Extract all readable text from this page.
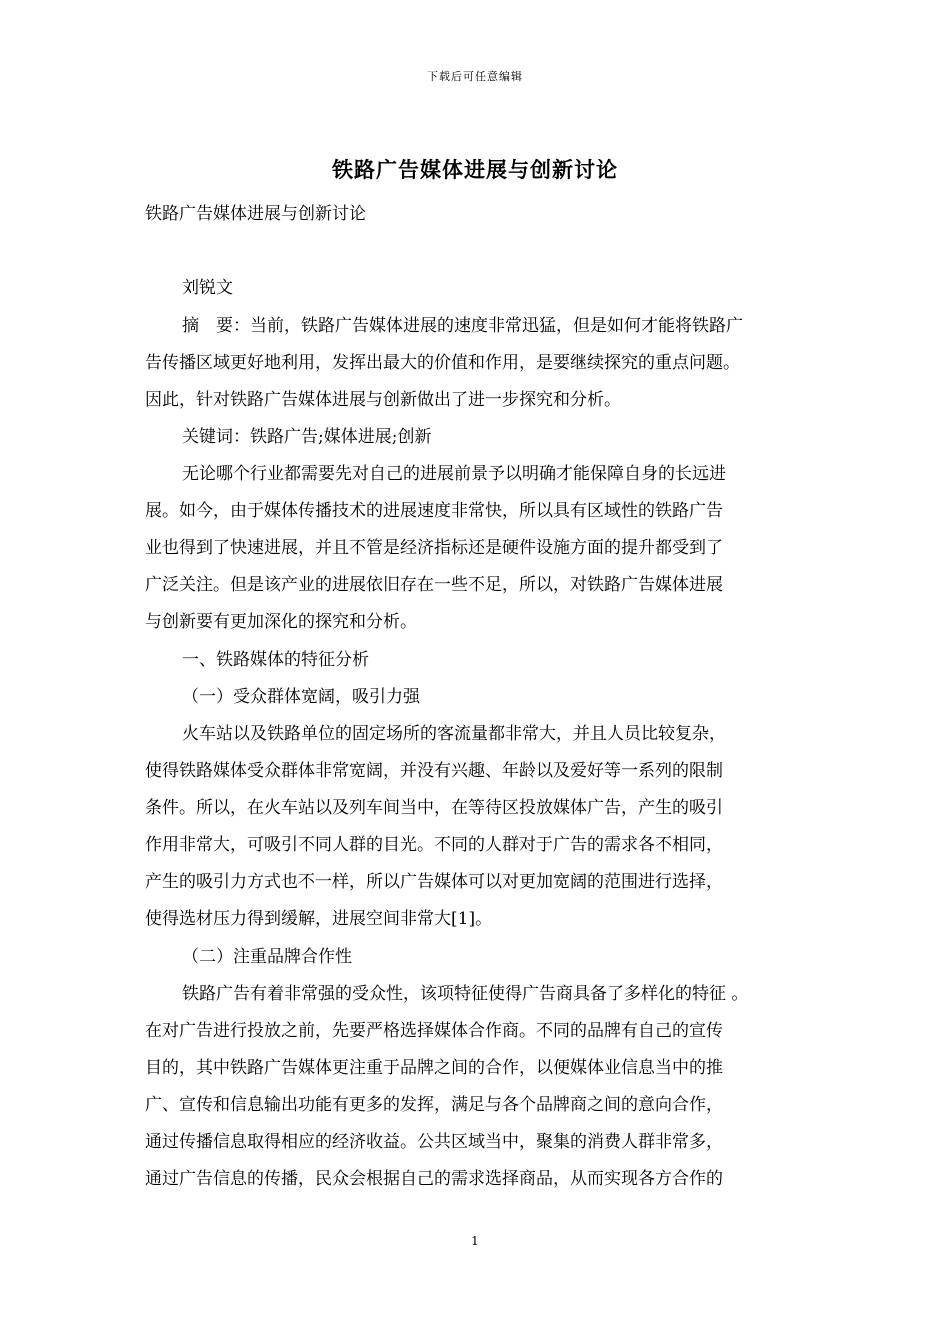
下载后可任意编辑
铁路广告媒体进展与创新讨论
铁路广告媒体进展与创新讨论
刘锐文
摘　要：当前，铁路广告媒体进展的速度非常迅猛，但是如何才能将铁路广
告传播区域更好地利用，发挥出最大的价值和作用，是要继续探究的重点问题。
因此，针对铁路广告媒体进展与创新做出了进一步探究和分析。
关键词：铁路广告;媒体进展;创新
无论哪个行业都需要先对自己的进展前景予以明确才能保障自身的长远进
展。如今，由于媒体传播技术的进展速度非常快，所以具有区域性的铁路广告
业也得到了快速进展，并且不管是经济指标还是硬件设施方面的提升都受到了
广泛关注。但是该产业的进展依旧存在一些不足，所以，对铁路广告媒体进展
与创新要有更加深化的探究和分析。
一、铁路媒体的特征分析
（一）受众群体宽阔，吸引力强
火车站以及铁路单位的固定场所的客流量都非常大，并且人员比较复杂，
使得铁路媒体受众群体非常宽阔，并没有兴趣、年龄以及爱好等一系列的限制
条件。所以，在火车站以及列车间当中，在等待区投放媒体广告，产生的吸引
作用非常大，可吸引不同人群的目光。不同的人群对于广告的需求各不相同，
产生的吸引力方式也不一样，所以广告媒体可以对更加宽阔的范围进行选择，
使得选材压力得到缓解，进展空间非常大[1]。
（二）注重品牌合作性
铁路广告有着非常强的受众性，该项特征使得广告商具备了多样化的特征 。
在对广告进行投放之前，先要严格选择媒体合作商。不同的品牌有自己的宣传
目的，其中铁路广告媒体更注重于品牌之间的合作，以便媒体业信息当中的推
广、宣传和信息输出功能有更多的发挥，满足与各个品牌商之间的意向合作，
通过传播信息取得相应的经济收益。公共区域当中，聚集的消费人群非常多，
通过广告信息的传播，民众会根据自己的需求选择商品，从而实现各方合作的
1
